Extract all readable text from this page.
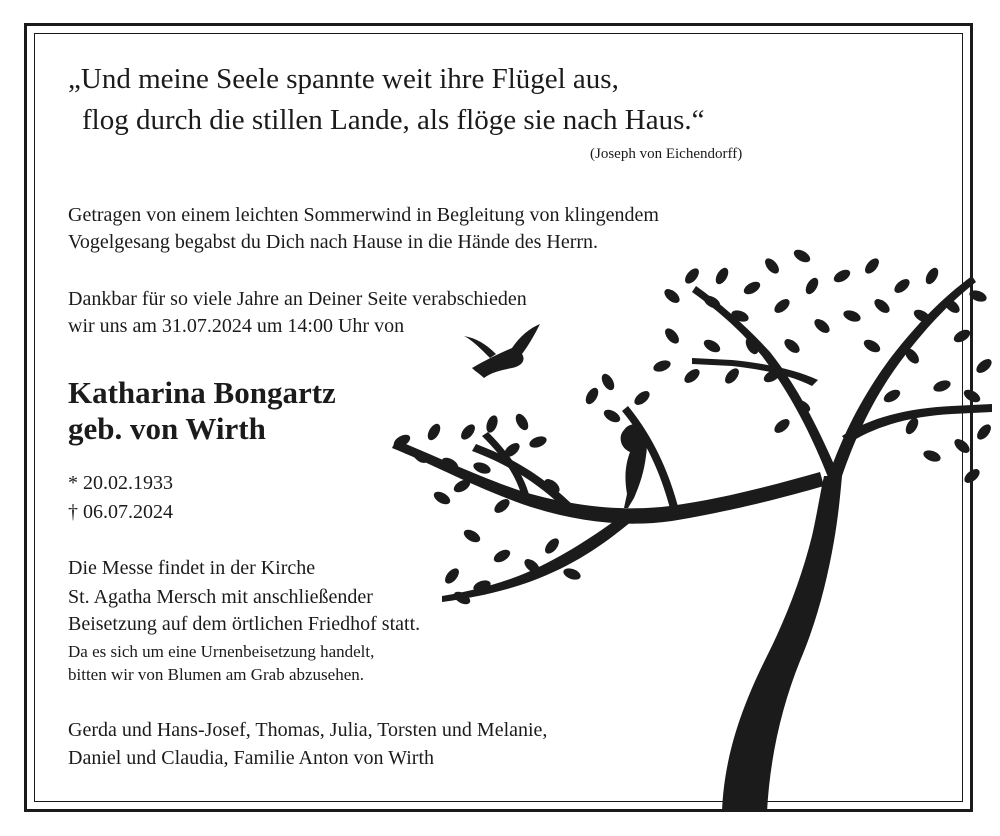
„Und meine Seele spannte weit ihre Flügel aus,
flog durch die stillen Lande, als flöge sie nach Haus.“
(Joseph von Eichendorff)
Getragen von einem leichten Sommerwind in Begleitung von klingendem
Vogelgesang begabst du Dich nach Hause in die Hände des Herrn.
Dankbar für so viele Jahre an Deiner Seite verabschieden
wir uns am 31.07.2024 um 14:00 Uhr von
Katharina Bongartz
geb. von Wirth
* 20.02.1933
† 06.07.2024
Die Messe findet in der Kirche
St. Agatha Mersch mit anschließender
Beisetzung auf dem örtlichen Friedhof statt.
Da es sich um eine Urnenbeisetzung handelt,
bitten wir von Blumen am Grab abzusehen.
Gerda und Hans-Josef, Thomas, Julia, Torsten und Melanie,
Daniel und Claudia, Familie Anton von Wirth
